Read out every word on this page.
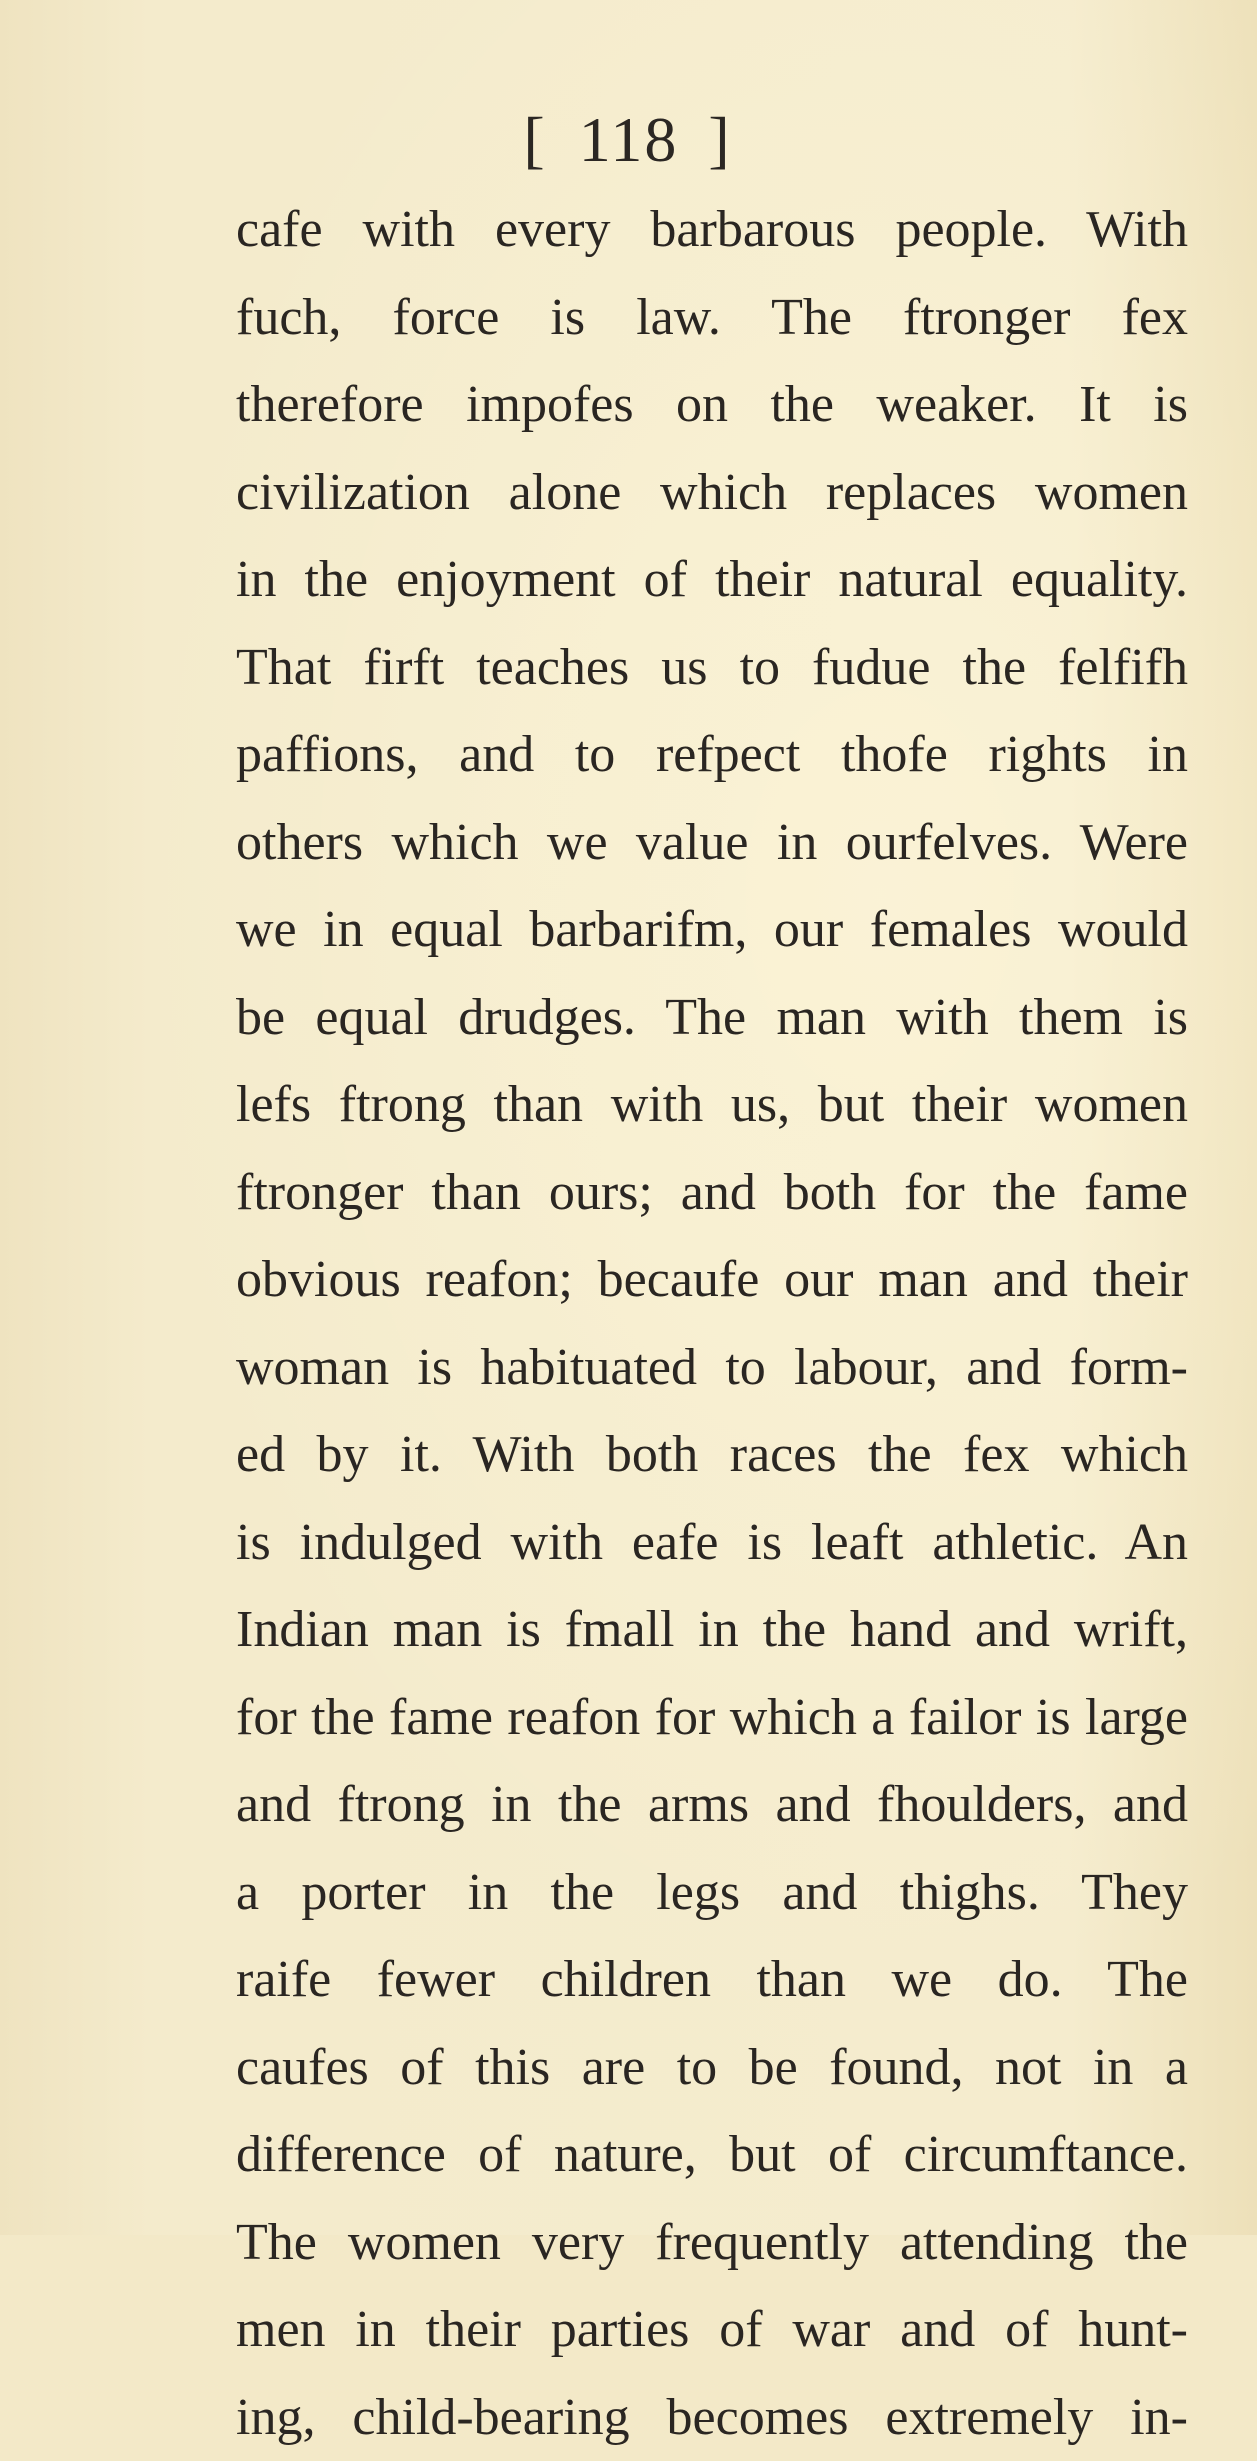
[ 118 ]
cafe with every barbarous people. With
fuch, force is law. The ftronger fex
therefore impofes on the weaker. It is
civilization alone which replaces women
in the enjoyment of their natural equality.
That firft teaches us to fudue the felfifh
paffions, and to refpect thofe rights in
others which we value in ourfelves. Were
we in equal barbarifm, our females would
be equal drudges. The man with them is
lefs ftrong than with us, but their women
ftronger than ours; and both for the fame
obvious reafon; becaufe our man and their
woman is habituated to labour, and form-
ed by it. With both races the fex which
is indulged with eafe is leaft athletic. An
Indian man is fmall in the hand and wrift,
for the fame reafon for which a failor is large
and ftrong in the arms and fhoulders, and
a porter in the legs and thighs. They
raife fewer children than we do. The
caufes of this are to be found, not in a
difference of nature, but of circumftance.
The women very frequently attending the
men in their parties of war and of hunt-
ing, child-bearing becomes extremely in-
